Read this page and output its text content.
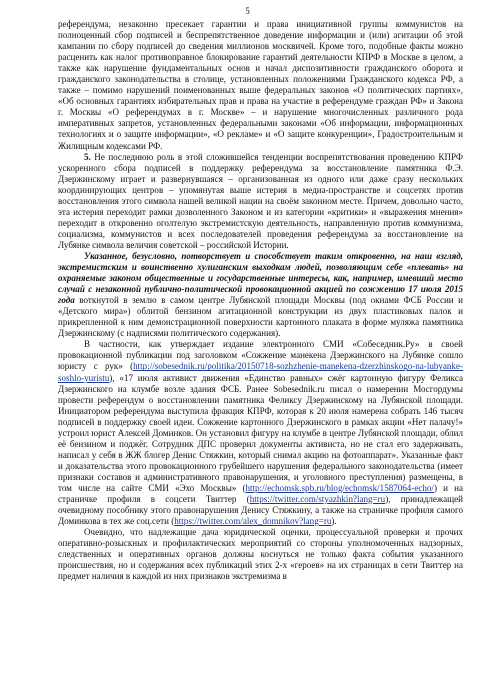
5

референдума, незаконно пресекает гарантии и права инициативной группы коммунистов на полноценный сбор подписей и беспрепятственное доведение информации и (или) агитации об этой кампании по сбору подписей до сведения миллионов москвичей. Кроме того, подобные факты можно расценить как налог противоправное блокирование гарантий деятельности КПРФ в Москве в целом, а также как нарушение фундаментальных основ и начал диспозитивности гражданского оборота и гражданского законодательства в столице, установленных положениями Гражданского кодекса РФ, а также – помимо нарушений поименованных выше федеральных законов «О политических партиях», «Об основных гарантиях избирательных прав и права на участие в референдуме граждан РФ» и Закона г. Москвы «О референдумах в г. Москве» – и нарушение многочисленных различного рода императивных запретов, установленных федеральными законами «Об информации, информационных технологиях и о защите информации», «О рекламе» и «О защите конкуренции», Градостроительным и Жилищным кодексами РФ.

5. Не последнюю роль в этой сложившейся тенденции воспрепятствования проведению КПРФ ускоренного сбора подписей в поддержку референдума за восстановление памятника Ф.Э. Дзержинскому играет и развернувшаяся – организованная из одного или даже сразу нескольких координирующих центров – упомянутая выше истерия в медиа-пространстве и соцсетях против восстановления этого символа нашей великой нации на своём законном месте. Причем, довольно часто, эта истерия переходит рамки дозволенного Законом и из категории «критики» и «выражения мнения» переходит в откровенно оголтелую экстремистскую деятельность, направленную против коммунизма, социализма, коммунистов и всех последователей проведения референдума за восстановление на Лубянке символа величия советской – российской Истории.

Указанное, безусловно, потворствует и способствует таким откровенно, на наш взгляд, экстремистским и воинственно хулиганским выходкам людей, позволяющим себе «плевать» на охраняемые законом общественные и государственные интересы, как, например, имевший место случай с незаконной публично-политической провокационной акцией по сожжению 17 июля 2015 года воткнутой в землю в самом центре Лубянской площади Москвы (под окнами ФСБ России и «Детского мира») облитой бензином агитационной конструкции из двух пластиковых палок и прикрепленной к ним демонстрационной поверхности картонного плаката в форме муляжа памятника Дзержинскому (с надписями политического содержания).

В частности, как утверждает издание электронного СМИ «Собеседник.Ру» в своей провокационной публикации под заголовком «Сожжение манекена Дзержинского на Лубянке сошло юристу с рук» (http://sobesednik.ru/politika/20150718-sozhzhenie-manekena-dzerzhinskogo-na-lubyanke-soshlo-yuristu), «17 июля активист движения «Единство равных» сжёг картонную фигуру Феликса Дзержинского на клумбе возле здания ФСБ. Ранее Sobesednik.ru писал о намерении Мосгордумы провести референдум о восстановлении памятника Феликсу Дзержинскому на Лубянской площади. Инициатором референдума выступила фракция КПРФ, которая к 20 июля намерена собрать 146 тысяч подписей в поддержку своей идеи. Сожжение картонного Дзержинского в рамках акции «Нет палачу!» устроил юрист Алексей Доминков. Он установил фигуру на клумбе в центре Лубянской площади, облил её бензином и поджёг. Сотрудник ДПС проверил документы активиста, но не стал его задерживать, написал у себя в ЖЖ блогер Денис Стяжкин, который снимал акцию на фотоаппарат». Указанные факт и доказательства этого провокационного грубейшего нарушения федерального законодательства (имеет признаки составов и административного правонарушения, и уголовного преступления) размещены, в том числе на сайте СМИ «Эхо Москвы» (http://echomsk.spb.ru/blog/echomsk/1587064-echo/) и на страничке профиля в соцсети Твиттер (https://twitter.com/styazhkin?lang=ru), принадлежащей очевидному пособнику этого правонарушения Денису Стяжкину, а также на страничке профиля самого Доминкова в тех же соц.сети (https://twitter.com/alex_domnikov?lang=ru).

Очевидно, что надлежащие дача юридической оценки, процессуальной проверки и прочих оперативно-розыскных и профилактических мероприятий со стороны уполномоченных надзорных, следственных и оперативных органов должны коснуться не только факта события указанного происшествия, но и содержания всех публикаций этих 2-х «героев» на их страницах в сети Твиттер на предмет наличия в каждой из них признаков экстремизма в
